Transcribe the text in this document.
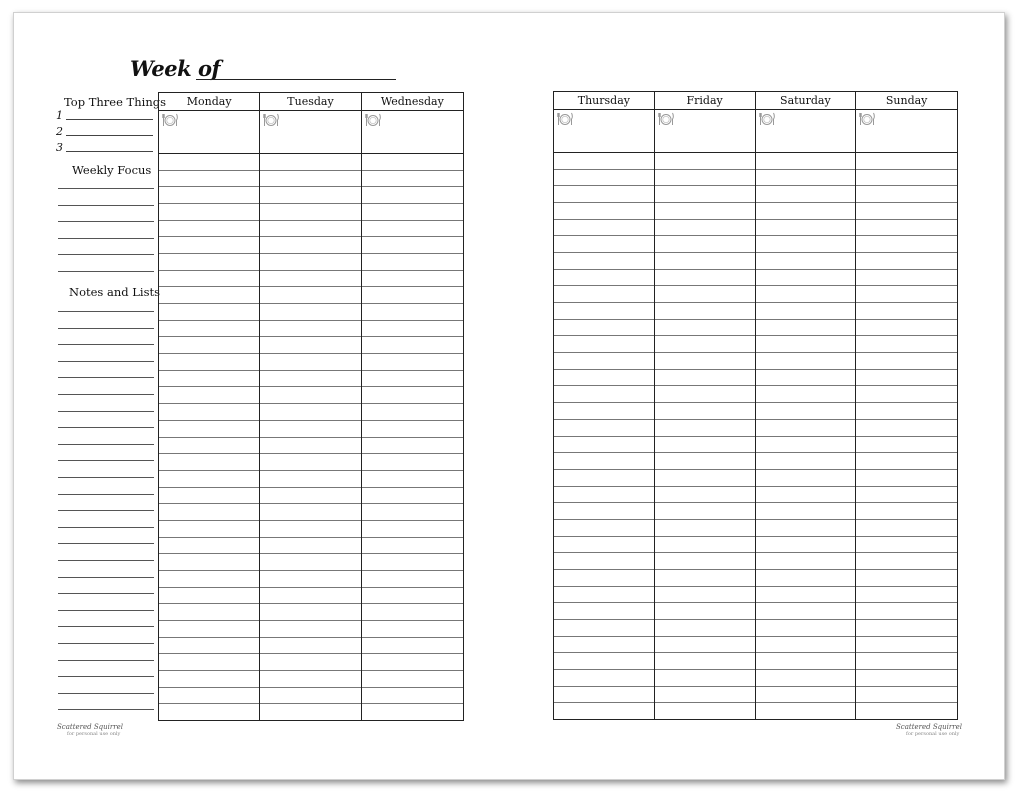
Week of
Top Three Things
1
2
3
Weekly Focus
Notes and Lists
Monday	Tuesday	Wednesday	Thursday	Friday	Saturday	Sunday
Scattered Squirrel
for personal use only
Scattered Squirrel
for personal use only
